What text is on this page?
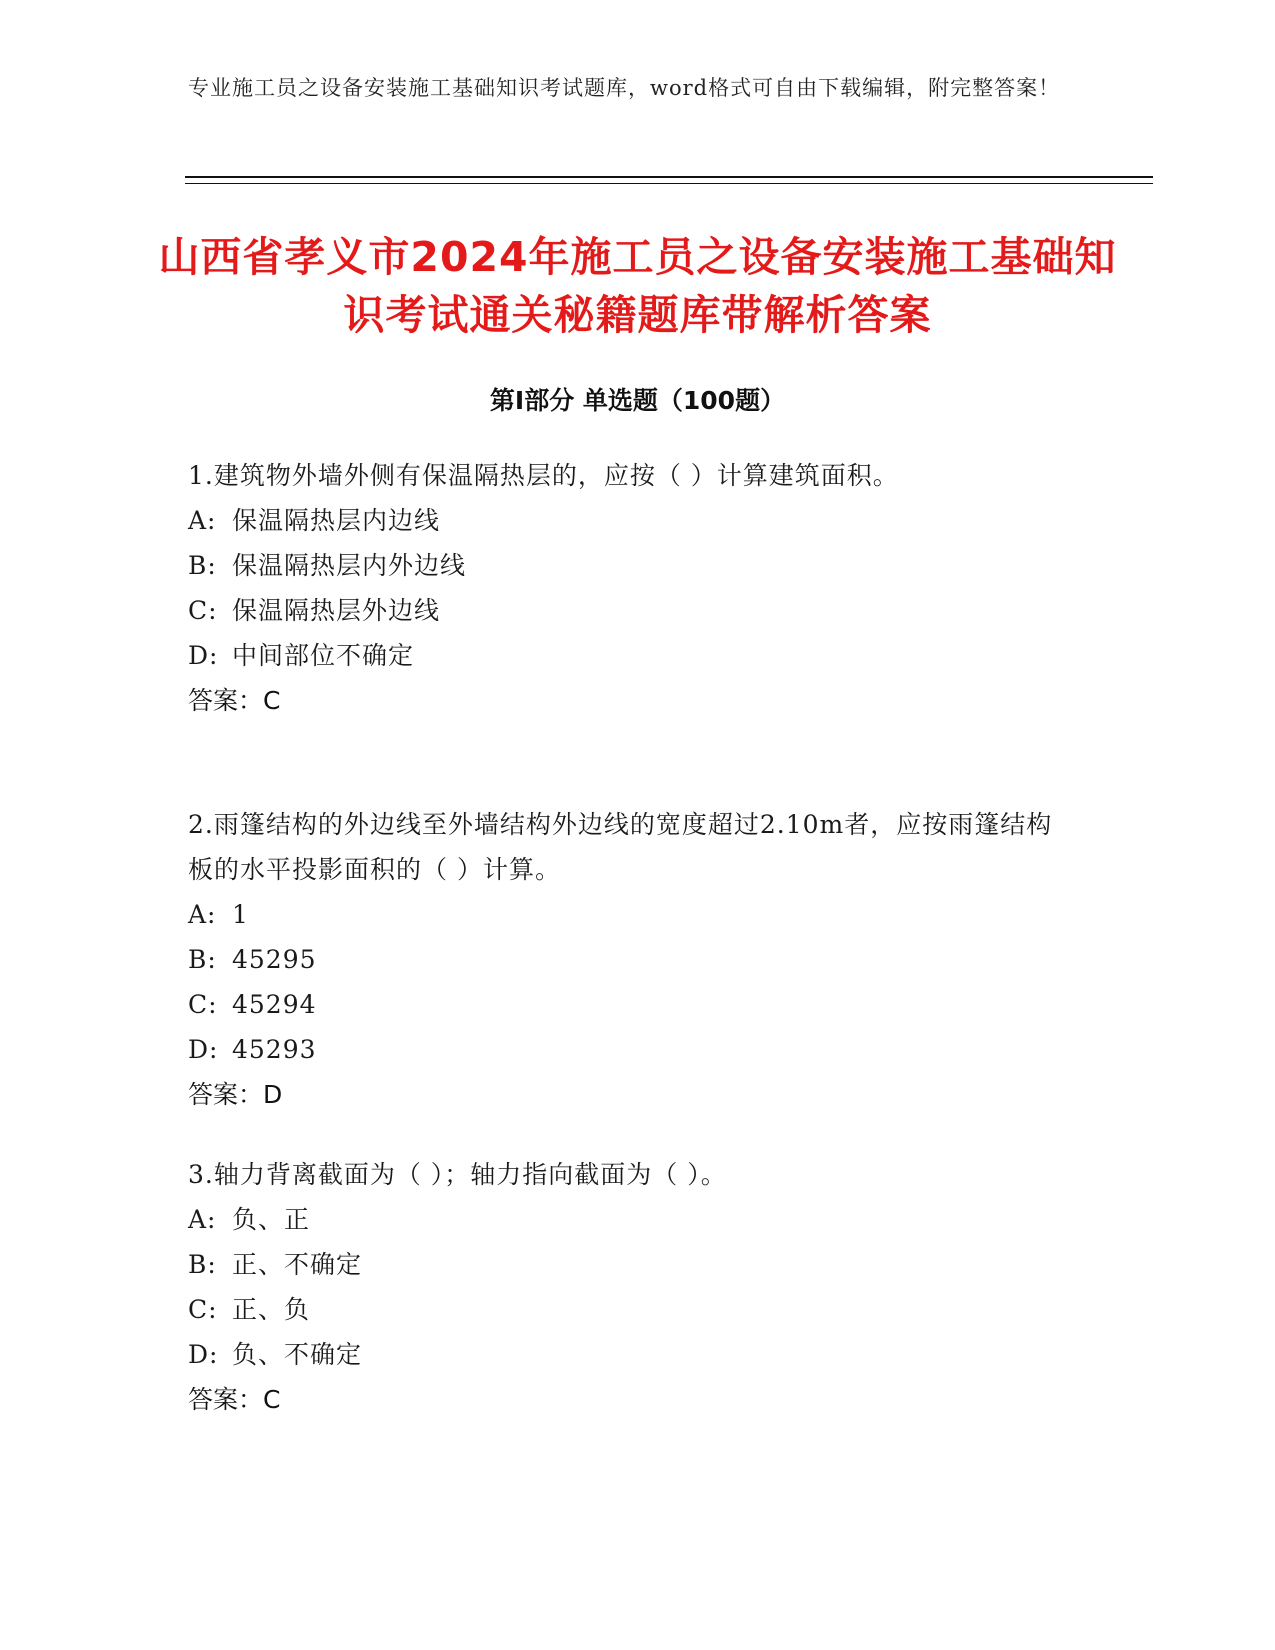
专业施工员之设备安装施工基础知识考试题库，word格式可自由下载编辑，附完整答案！
山西省孝义市2024年施工员之设备安装施工基础知识考试通关秘籍题库带解析答案
第Ⅰ部分 单选题（100题）

1.建筑物外墙外侧有保温隔热层的，应按（ ）计算建筑面积。

A: 保温隔热层内边线

B: 保温隔热层内外边线

C: 保温隔热层外边线

D: 中间部位不确定

答案：C

2.雨篷结构的外边线至外墙结构外边线的宽度超过2.10m者，应按雨篷结构板的水平投影面积的（ ）计算。

A: 1

B: 45295

C: 45294

D: 45293

答案：D

3.轴力背离截面为（ ）；轴力指向截面为（ ）。

A: 负、正

B: 正、不确定

C: 正、负

D: 负、不确定

答案：C
